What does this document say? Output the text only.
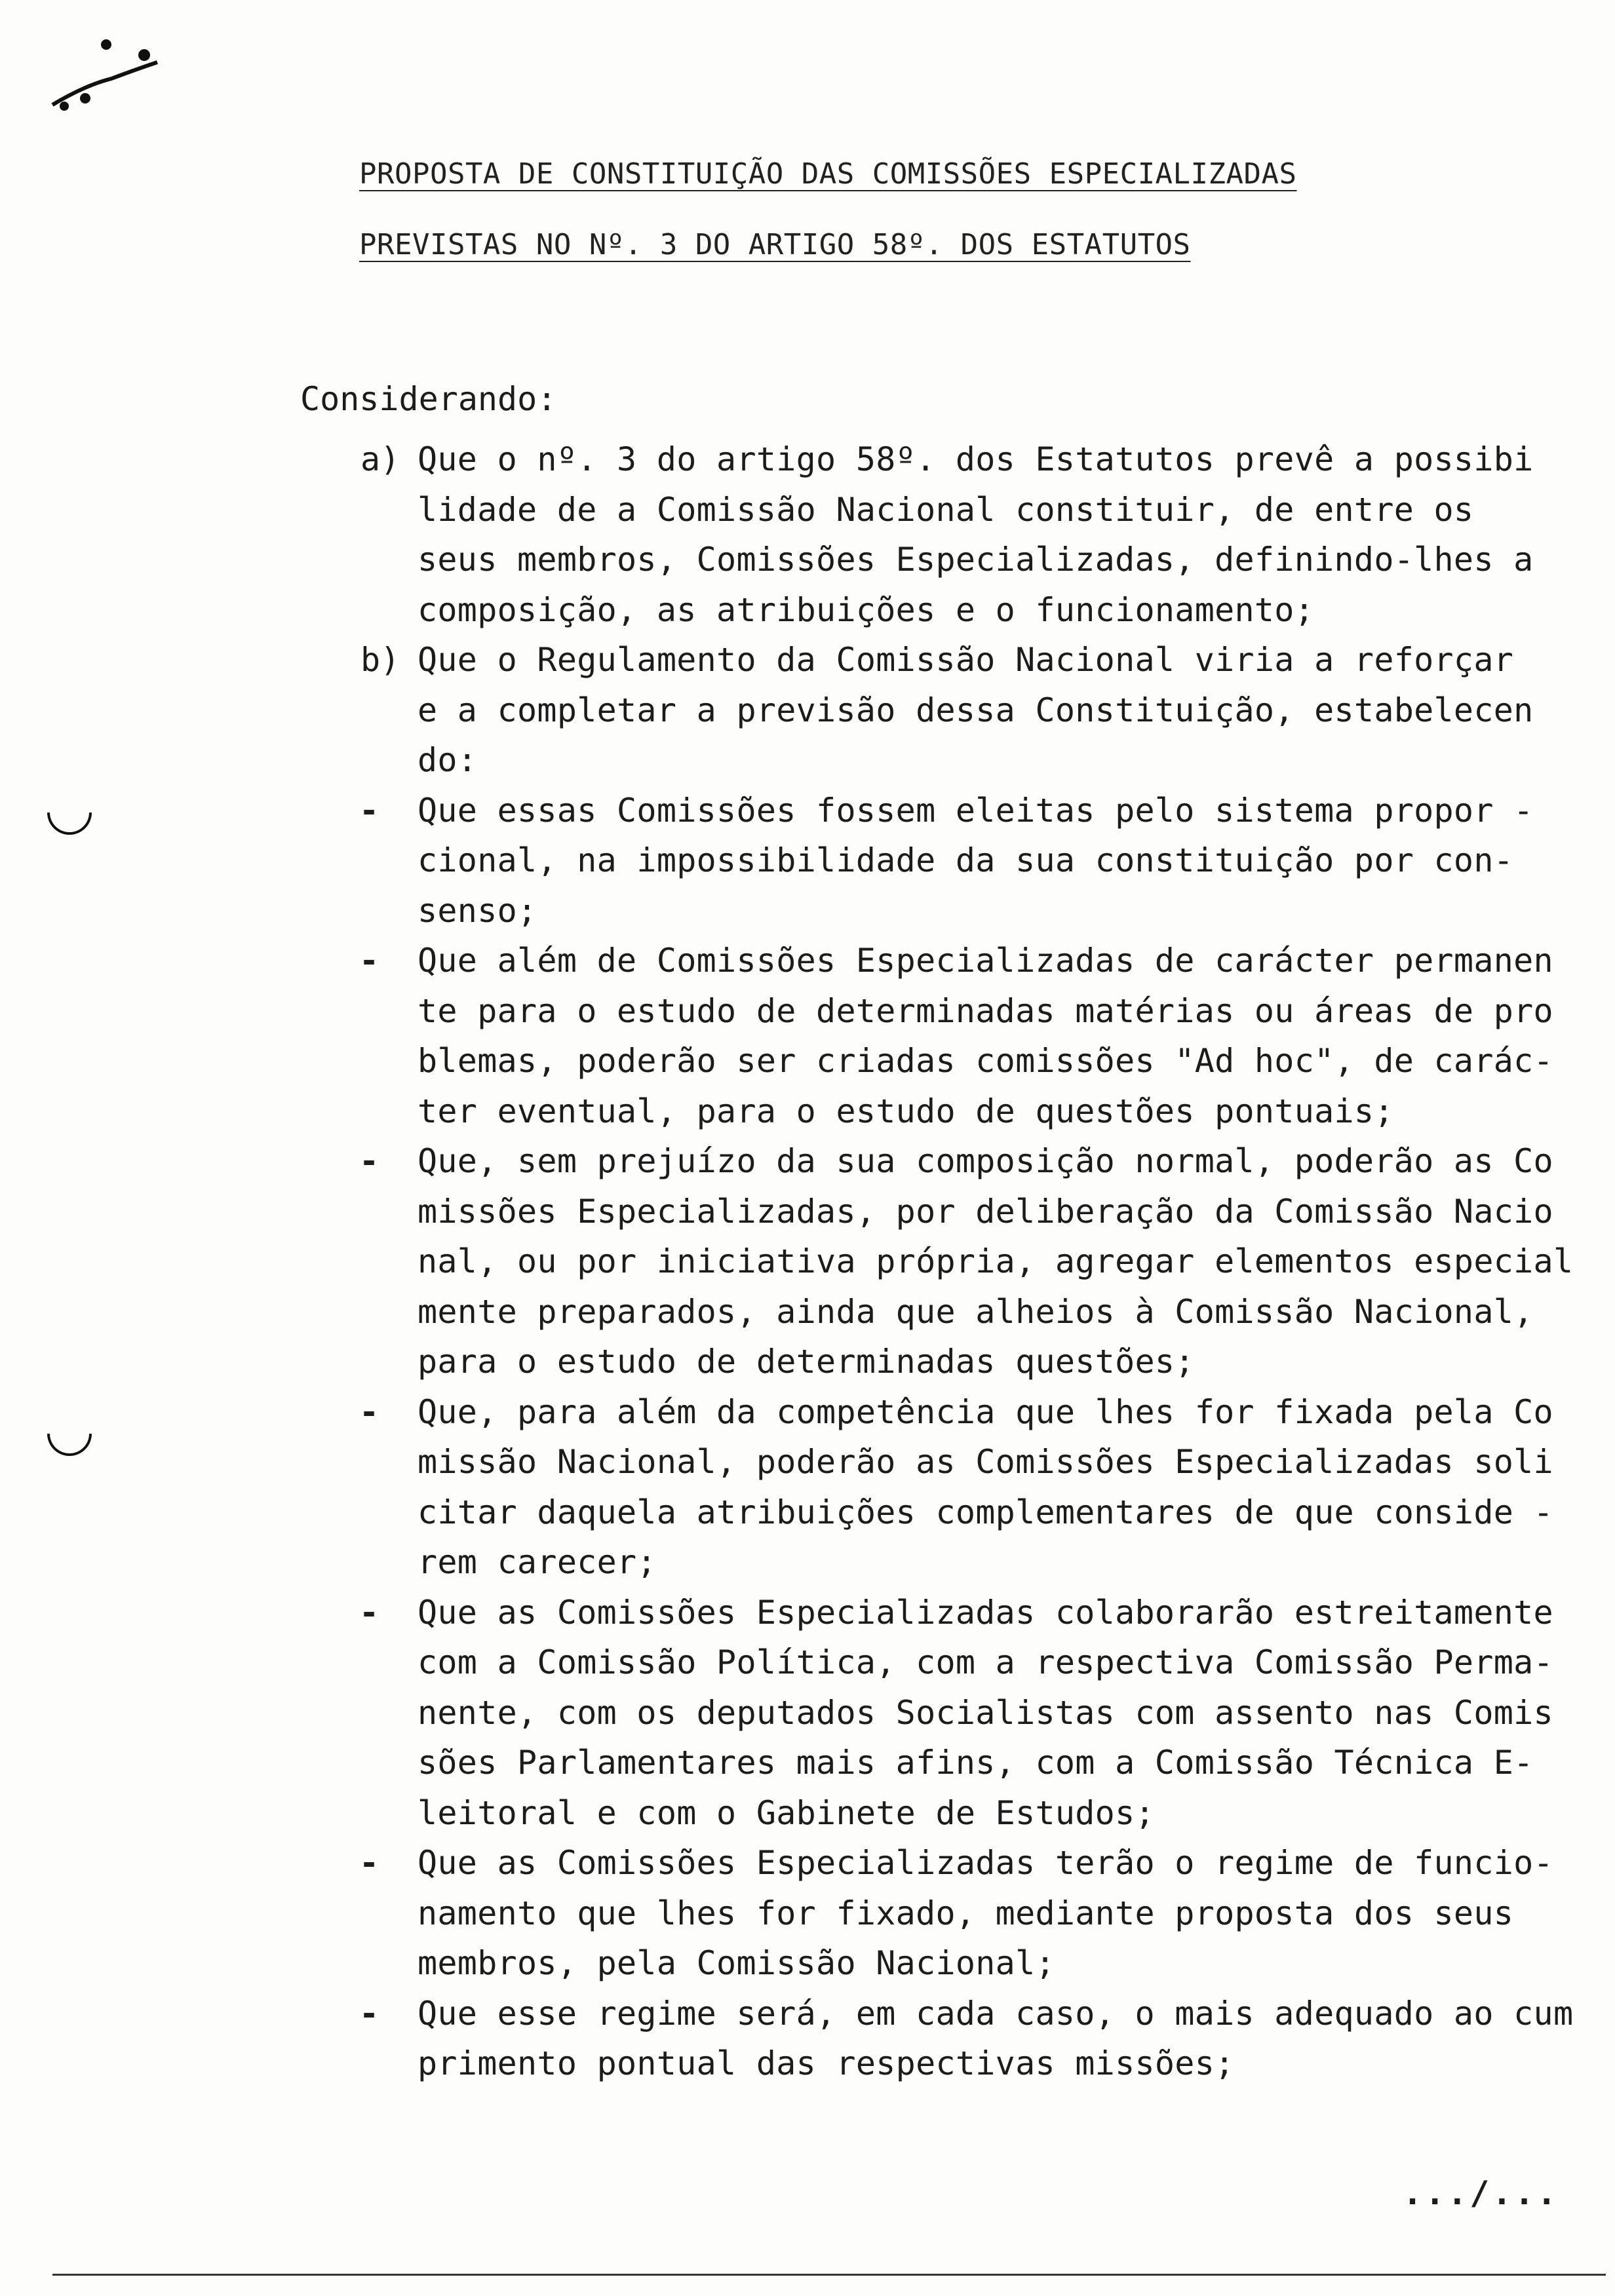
PROPOSTA DE CONSTITUIÇÃO DAS COMISSÕES ESPECIALIZADAS
PREVISTAS NO Nº. 3 DO ARTIGO 58º. DOS ESTATUTOS
Considerando:
a) Que o nº. 3 do artigo 58º. dos Estatutos prevê a possibi
lidade de a Comissão Nacional constituir, de entre os
seus membros, Comissões Especializadas, definindo-lhes a
composição, as atribuições e o funcionamento;
b) Que o Regulamento da Comissão Nacional viria a reforçar
e a completar a previsão dessa Constituição, estabelecen
do:
- Que essas Comissões fossem eleitas pelo sistema propor -
cional, na impossibilidade da sua constituição por con-
senso;
- Que além de Comissões Especializadas de carácter permanen
te para o estudo de determinadas matérias ou áreas de pro
blemas, poderão ser criadas comissões "Ad hoc", de carác-
ter eventual, para o estudo de questões pontuais;
- Que, sem prejuízo da sua composição normal, poderão as Co
missões Especializadas, por deliberação da Comissão Nacio
nal, ou por iniciativa própria, agregar elementos especial
mente preparados, ainda que alheios à Comissão Nacional,
para o estudo de determinadas questões;
- Que, para além da competência que lhes for fixada pela Co
missão Nacional, poderão as Comissões Especializadas soli
citar daquela atribuições complementares de que conside -
rem carecer;
- Que as Comissões Especializadas colaborarão estreitamente
com a Comissão Política, com a respectiva Comissão Perma-
nente, com os deputados Socialistas com assento nas Comis
sões Parlamentares mais afins, com a Comissão Técnica E-
leitoral e com o Gabinete de Estudos;
- Que as Comissões Especializadas terão o regime de funcio-
namento que lhes for fixado, mediante proposta dos seus
membros, pela Comissão Nacional;
- Que esse regime será, em cada caso, o mais adequado ao cum
primento pontual das respectivas missões;
.../...
